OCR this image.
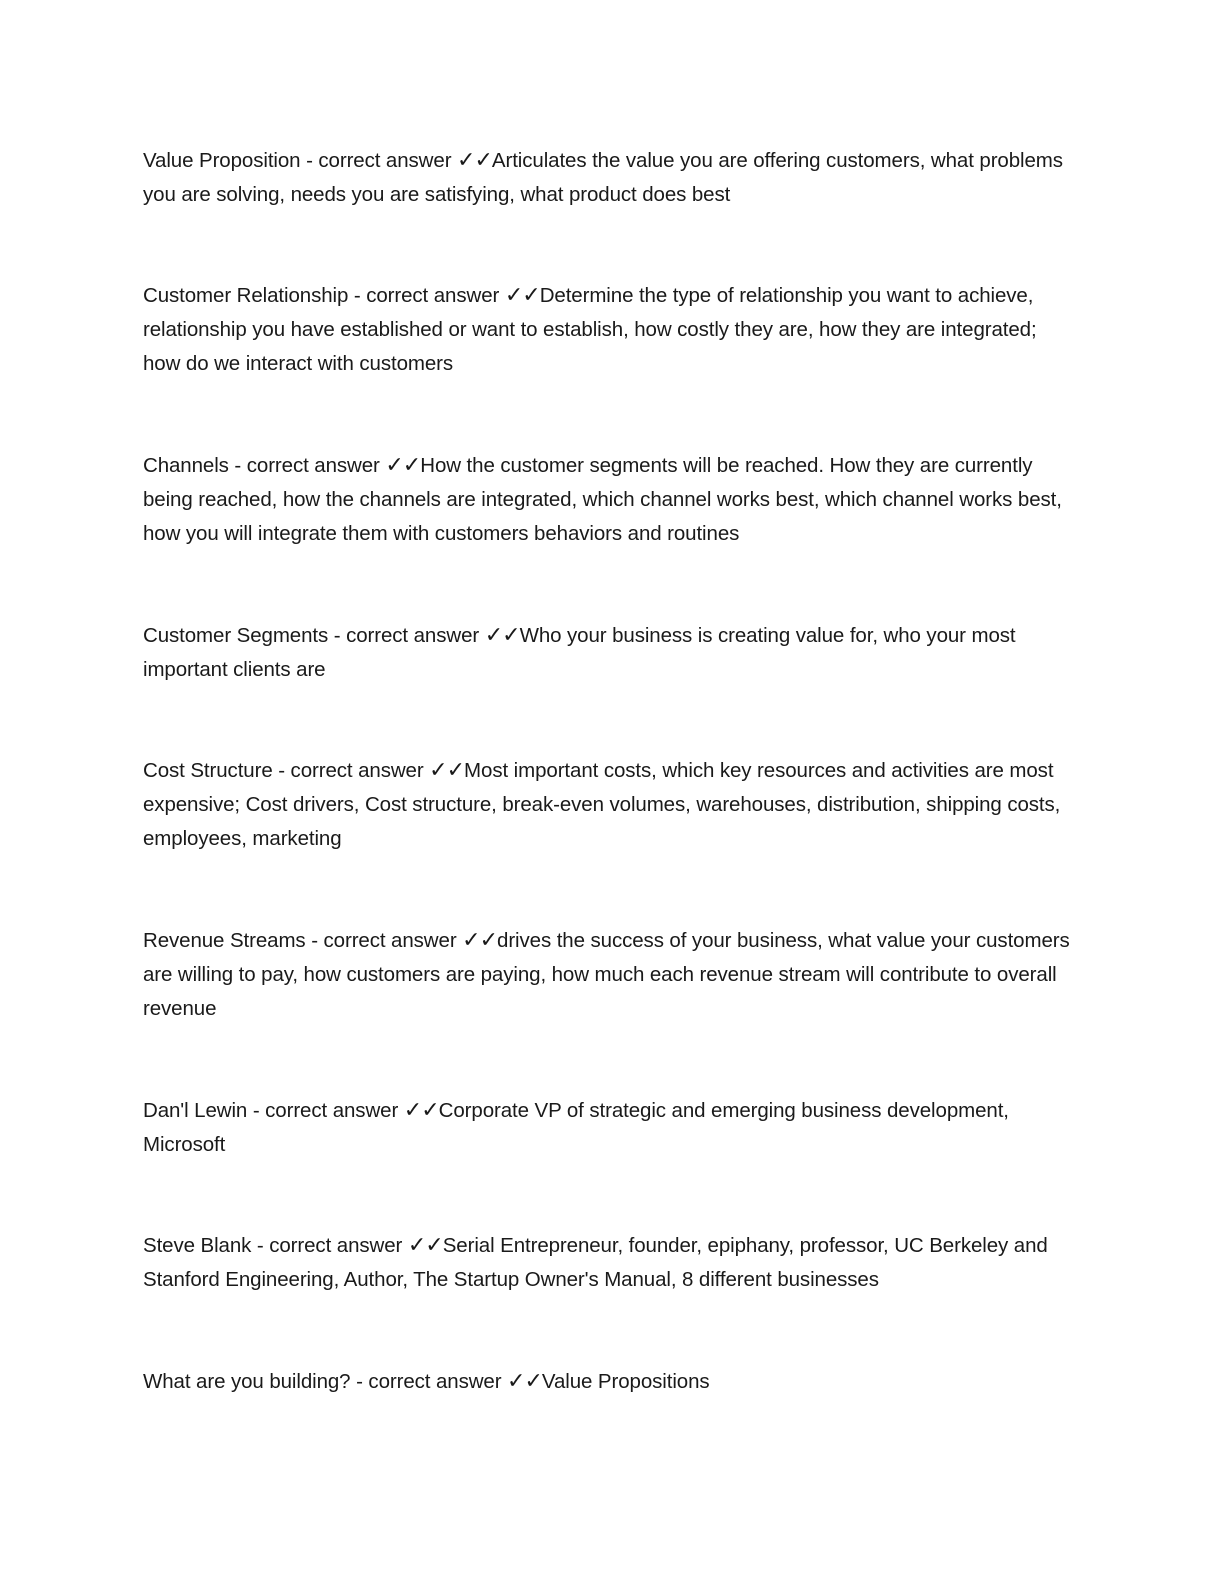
Value Proposition - correct answer ✓✓Articulates the value you are offering customers, what problems you are solving, needs you are satisfying, what product does best

Customer Relationship - correct answer ✓✓Determine the type of relationship you want to achieve, relationship you have established or want to establish, how costly they are, how they are integrated; how do we interact with customers

Channels - correct answer ✓✓How the customer segments will be reached. How they are currently being reached, how the channels are integrated, which channel works best, which channel works best, how you will integrate them with customers behaviors and routines

Customer Segments - correct answer ✓✓Who your business is creating value for, who your most important clients are

Cost Structure - correct answer ✓✓Most important costs, which key resources and activities are most expensive; Cost drivers, Cost structure, break-even volumes, warehouses, distribution, shipping costs, employees, marketing

Revenue Streams - correct answer ✓✓drives the success of your business, what value your customers are willing to pay, how customers are paying, how much each revenue stream will contribute to overall revenue

Dan'l Lewin - correct answer ✓✓Corporate VP of strategic and emerging business development, Microsoft

Steve Blank - correct answer ✓✓Serial Entrepreneur, founder, epiphany, professor, UC Berkeley and Stanford Engineering, Author, The Startup Owner's Manual, 8 different businesses

What are you building? - correct answer ✓✓Value Propositions
